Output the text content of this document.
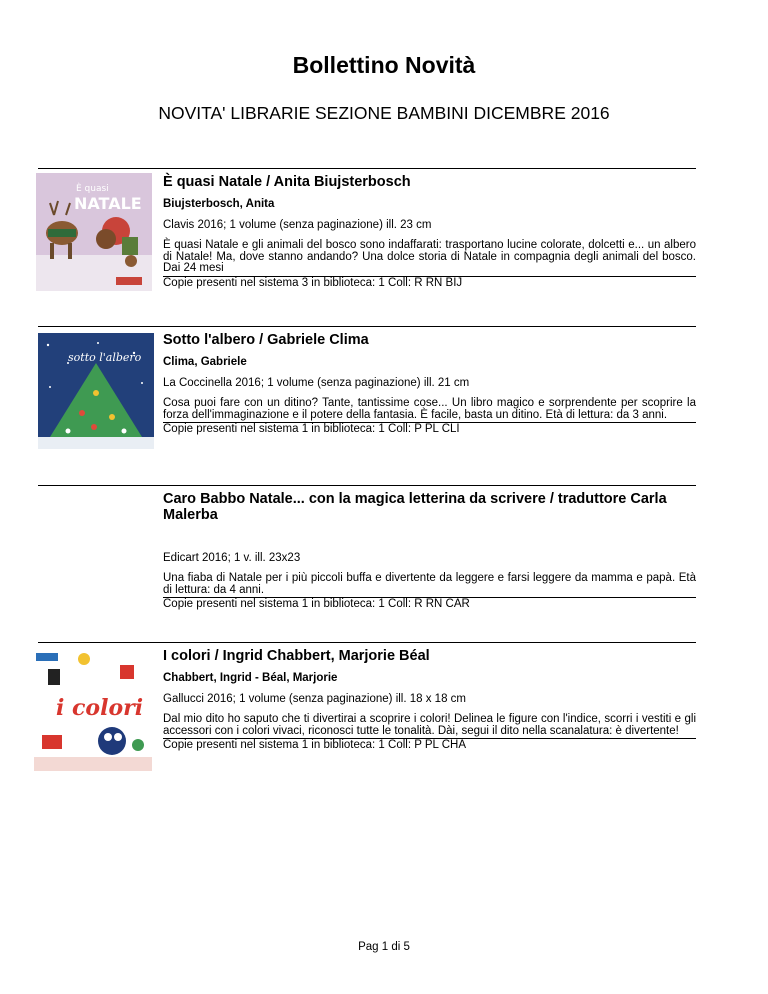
Bollettino Novità
NOVITA' LIBRARIE SEZIONE BAMBINI DICEMBRE 2016
È quasi
NATALE
È quasi Natale / Anita Biujsterbosch
Biujsterbosch, Anita
Clavis 2016; 1 volume (senza paginazione) ill. 23 cm
È quasi Natale e gli animali del bosco sono indaffarati: trasportano lucine colorate, dolcetti e... un albero di Natale! Ma, dove stanno andando? Una dolce storia di Natale in compagnia degli animali del bosco. Dai 24 mesi
Copie presenti nel sistema 3 in biblioteca: 1 Coll: R RN BIJ
sotto l'albero
Sotto l'albero / Gabriele Clima
Clima, Gabriele
La Coccinella 2016; 1 volume (senza paginazione) ill. 21 cm
Cosa puoi fare con un ditino? Tante, tantissime cose... Un libro magico e sorprendente per scoprire la forza dell'immaginazione e il potere della fantasia. È facile, basta un ditino. Età di lettura: da 3 anni.
Copie presenti nel sistema 1 in biblioteca: 1 Coll: P PL CLI
Caro Babbo Natale... con la magica letterina da scrivere / traduttore Carla Malerba
Edicart 2016; 1 v. ill. 23x23
Una fiaba di Natale per i più piccoli buffa e divertente da leggere e farsi leggere da mamma e papà. Età di lettura: da 4 anni.
Copie presenti nel sistema 1 in biblioteca: 1 Coll: R RN CAR
i colori
I colori / Ingrid Chabbert, Marjorie Béal
Chabbert, Ingrid - Béal, Marjorie
Gallucci 2016; 1 volume (senza paginazione) ill. 18 x 18 cm
Dal mio dito ho saputo che ti divertirai a scoprire i colori! Delinea le figure con l'indice, scorri i vestiti e gli accessori con i colori vivaci, riconosci tutte le tonalità. Dài, segui il dito nella scanalatura: è divertente!
Copie presenti nel sistema 1 in biblioteca: 1 Coll: P PL CHA
Pag 1 di 5
